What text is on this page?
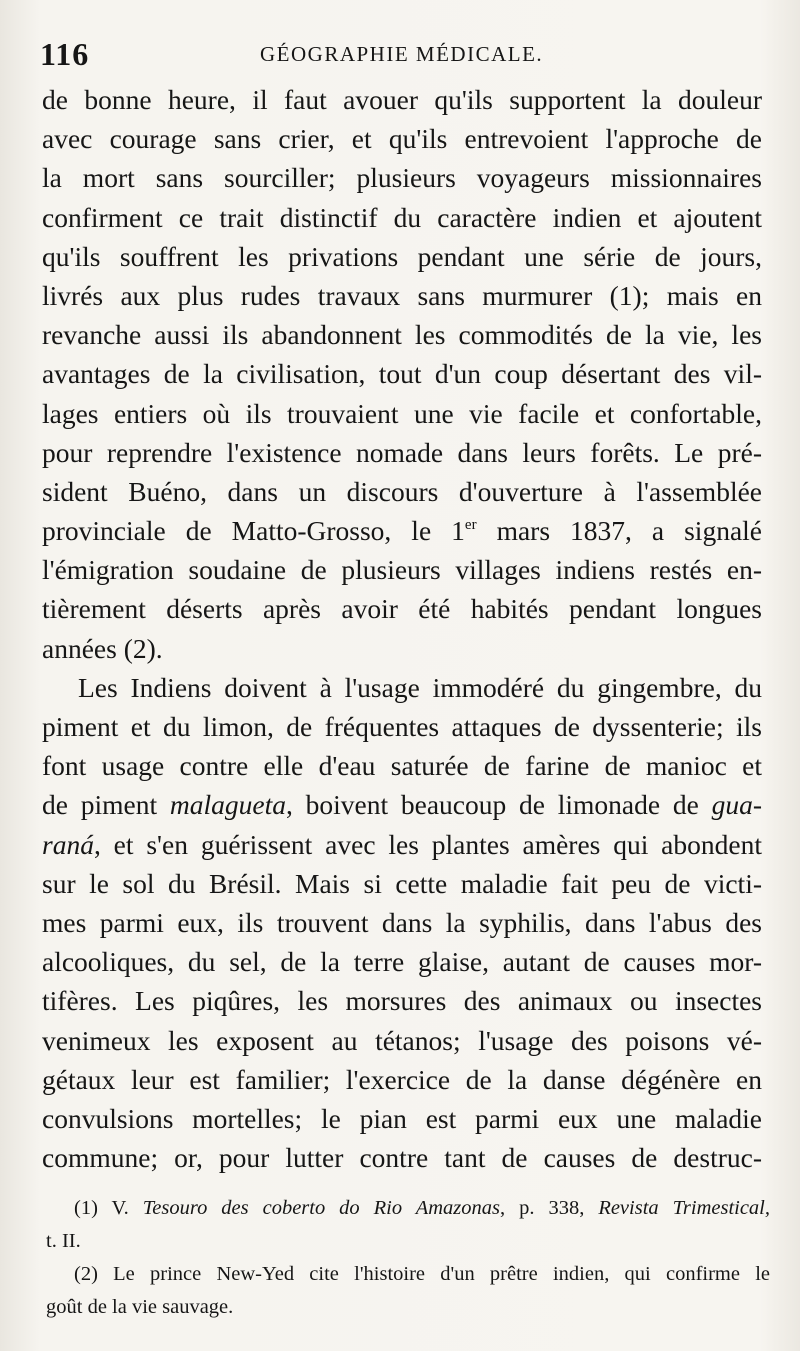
116	GÉOGRAPHIE MÉDICALE.
de bonne heure, il faut avouer qu'ils supportent la douleur
avec courage sans crier, et qu'ils entrevoient l'approche de
la mort sans sourciller; plusieurs voyageurs missionnaires
confirment ce trait distinctif du caractère indien et ajoutent
qu'ils souffrent les privations pendant une série de jours,
livrés aux plus rudes travaux sans murmurer (1); mais en
revanche aussi ils abandonnent les commodités de la vie, les
avantages de la civilisation, tout d'un coup désertant des vil-
lages entiers où ils trouvaient une vie facile et confortable,
pour reprendre l'existence nomade dans leurs forêts. Le pré-
sident Buéno, dans un discours d'ouverture à l'assemblée
provinciale de Matto-Grosso, le 1er mars 1837, a signalé
l'émigration soudaine de plusieurs villages indiens restés en-
tièrement déserts après avoir été habités pendant longues
années (2).
Les Indiens doivent à l'usage immodéré du gingembre, du
piment et du limon, de fréquentes attaques de dyssenterie; ils
font usage contre elle d'eau saturée de farine de manioc et
de piment malagueta, boivent beaucoup de limonade de gua-
raná, et s'en guérissent avec les plantes amères qui abondent
sur le sol du Brésil. Mais si cette maladie fait peu de victi-
mes parmi eux, ils trouvent dans la syphilis, dans l'abus des
alcooliques, du sel, de la terre glaise, autant de causes mor-
tifères. Les piqûres, les morsures des animaux ou insectes
venimeux les exposent au tétanos; l'usage des poisons vé-
gétaux leur est familier; l'exercice de la danse dégénère en
convulsions mortelles; le pian est parmi eux une maladie
commune; or, pour lutter contre tant de causes de destruc-
(1) V. Tesouro des coberto do Rio Amazonas, p. 338, Revista Trimestical,
t. II.
(2) Le prince New-Yed cite l'histoire d'un prêtre indien, qui confirme le
goût de la vie sauvage.
